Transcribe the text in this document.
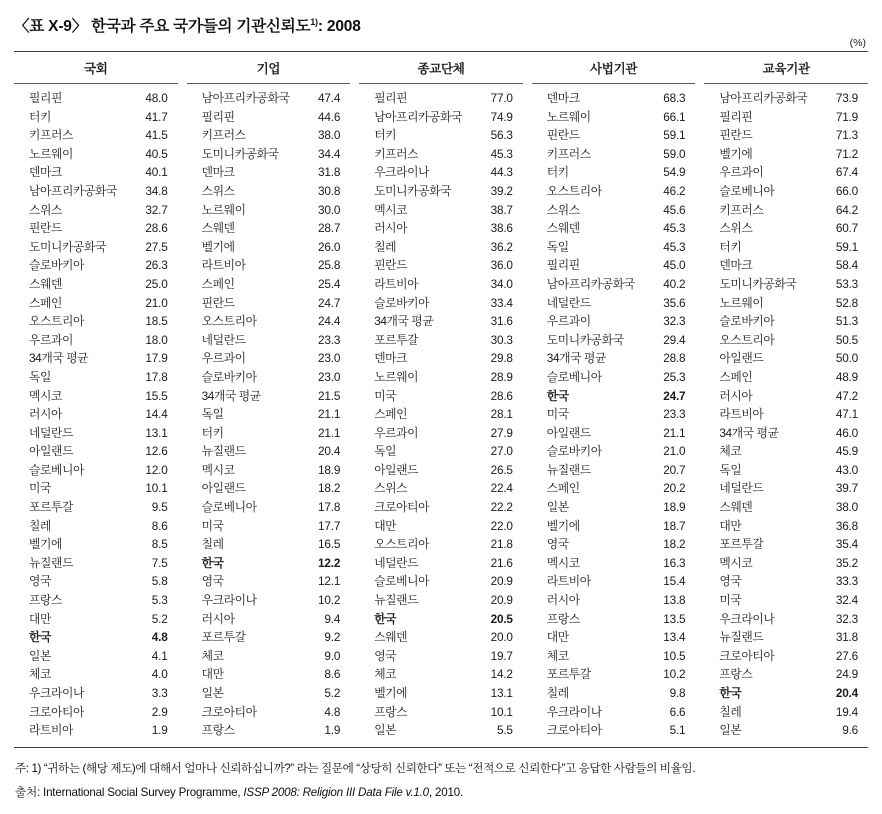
〈표 X-9〉 한국과 주요 국가들의 기관신뢰도$^{1)}$: 2008
(%)
국회
필리핀	48.0
터키	41.7
키프러스	41.5
노르웨이	40.5
덴마크	40.1
남아프리카공화국 34.8
스위스	32.7
핀란드	28.6
도미니카공화국	27.5
슬로바키아	26.3
스웨덴	25.0
스페인	21.0
오스트리아	18.5
우르과이	18.0
34개국 평균	17.9
독일	17.8
멕시코	15.5
러시아	14.4
네덜란드	13.1
아일랜드	12.6
슬로베니아	12.0
미국	10.1
포르투갈	9.5
칠레	8.6
벨기에	8.5
뉴질랜드	7.5
영국	5.8
프랑스	5.3
대만	5.2
한국	4.8
일본	4.1
체코	4.0
우크라이나	3.3
크로아티아	2.9
라트비아	1.9
기업
남아프리카공화국 47.4
필리핀	44.6
키프러스	38.0
도미니카공화국	34.4
덴마크	31.8
스위스	30.8
노르웨이	30.0
스웨덴	28.7
벨기에	26.0
라트비아	25.8
스페인	25.4
핀란드	24.7
오스트리아	24.4
네덜란드	23.3
우르과이	23.0
슬로바키아	23.0
34개국 평균	21.5
독일	21.1
터키	21.1
뉴질랜드	20.4
멕시코	18.9
아일랜드	18.2
슬로베니아	17.8
미국	17.7
칠레	16.5
한국	12.2
영국	12.1
우크라이나	10.2
러시아	9.4
포르투갈	9.2
체코	9.0
대만	8.6
일본	5.2
크로아티아	4.8
프랑스	1.9
종교단체
필리핀	77.0
남아프리카공화국 74.9
터키	56.3
키프러스	45.3
우크라이나	44.3
도미니카공화국	39.2
멕시코	38.7
러시아	38.6
칠레	36.2
핀란드	36.0
라트비아	34.0
슬로바키아	33.4
34개국 평균	31.6
포르투갈	30.3
덴마크	29.8
노르웨이	28.9
미국	28.6
스페인	28.1
우르과이	27.9
독일	27.0
아일랜드	26.5
스위스	22.4
크로아티아	22.2
대만	22.0
오스트리아	21.8
네덜란드	21.6
슬로베니아	20.9
뉴질랜드	20.9
한국	20.5
스웨덴	20.0
영국	19.7
체코	14.2
벨기에	13.1
프랑스	10.1
일본	5.5
사법기관
덴마크	68.3
노르웨이	66.1
핀란드	59.1
키프러스	59.0
터키	54.9
오스트리아	46.2
스위스	45.6
스웨덴	45.3
독일	45.3
필리핀	45.0
남아프리카공화국 40.2
네덜란드	35.6
우르과이	32.3
도미니카공화국	29.4
34개국 평균	28.8
슬로베니아	25.3
한국	24.7
미국	23.3
아일랜드	21.1
슬로바키아	21.0
뉴질랜드	20.7
스페인	20.2
일본	18.9
벨기에	18.7
영국	18.2
멕시코	16.3
라트비아	15.4
러시아	13.8
프랑스	13.5
대만	13.4
체코	10.5
포르투갈	10.2
칠레	9.8
우크라이나	6.6
크로아티아	5.1
교육기관
남아프리카공화국 73.9
필리핀	71.9
핀란드	71.3
벨기에	71.2
우르과이	67.4
슬로베니아	66.0
키프러스	64.2
스위스	60.7
터키	59.1
덴마크	58.4
도미니카공화국	53.3
노르웨이	52.8
슬로바키아	51.3
오스트리아	50.5
아일랜드	50.0
스페인	48.9
러시아	47.2
라트비아	47.1
34개국 평균	46.0
체코	45.9
독일	43.0
네덜란드	39.7
스웨덴	38.0
대만	36.8
포르투갈	35.4
멕시코	35.2
영국	33.3
미국	32.4
우크라이나	32.3
뉴질랜드	31.8
크로아티아	27.6
프랑스	24.9
한국	20.4
칠레	19.4
일본	9.6

주: 1) “귀하는 (해당 제도)에 대해서 얼마나 신뢰하십니까?” 라는 질문에 “상당히 신뢰한다” 또는 “전적으로 신뢰한다”고 응답한 사람들의 비율임.

출처: International Social Survey Programme, ISSP 2008: Religion III Data File v.1.0, 2010.
